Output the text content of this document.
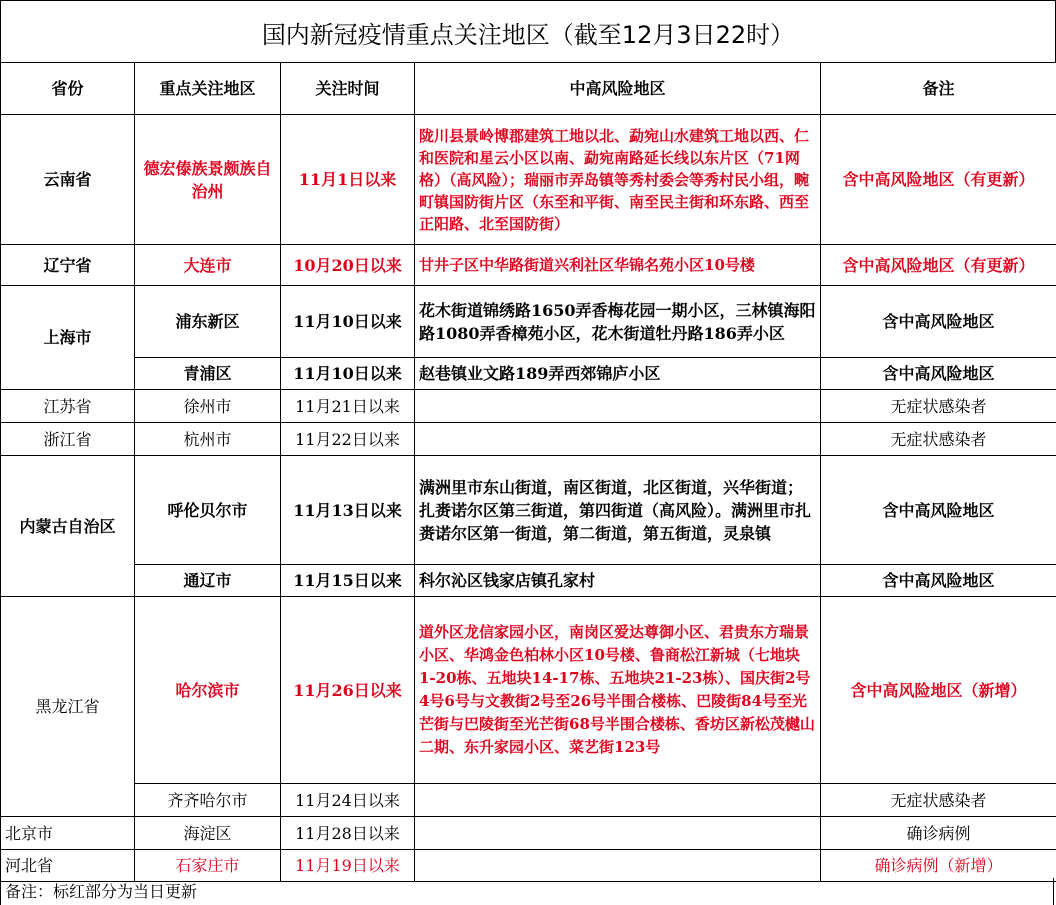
国内新冠疫情重点关注地区（截至12月3日22时）
省份	重点关注地区	关注时间	中高风险地区	备注
云南省	德宏傣族景颇族自治州	11月1日以来	陇川县景岭博郡建筑工地以北、勐宛山水建筑工地以西、仁和医院和星云小区以南、勐宛南路延长线以东片区（71网格）（高风险）；瑞丽市弄岛镇等秀村委会等秀村民小组，畹町镇国防街片区（东至和平街、南至民主街和环东路、西至正阳路、北至国防街）	含中高风险地区（有更新）
辽宁省	大连市	10月20日以来	甘井子区中华路街道兴利社区华锦名苑小区10号楼	含中高风险地区（有更新）
上海市	浦东新区	11月10日以来	花木街道锦绣路1650弄香梅花园一期小区，三林镇海阳路1080弄香樟苑小区，花木街道牡丹路186弄小区	含中高风险地区
	青浦区	11月10日以来	赵巷镇业文路189弄西郊锦庐小区	含中高风险地区
江苏省	徐州市	11月21日以来		无症状感染者
浙江省	杭州市	11月22日以来		无症状感染者
内蒙古自治区	呼伦贝尔市	11月13日以来	满洲里市东山街道，南区街道，北区街道，兴华街道；扎赉诺尔区第三街道，第四街道（高风险）。满洲里市扎赉诺尔区第一街道，第二街道，第五街道，灵泉镇	含中高风险地区
	通辽市	11月15日以来	科尔沁区钱家店镇孔家村	含中高风险地区
黑龙江省	哈尔滨市	11月26日以来	道外区龙信家园小区，南岗区爱达尊御小区、君贵东方瑞景小区、华鸿金色柏林小区10号楼、鲁商松江新城（七地块1-20栋、五地块14-17栋、五地块21-23栋）、国庆街2号4号6号与文教街2号至26号半围合楼栋、巴陵街84号至光芒街与巴陵街至光芒街68号半围合楼栋、香坊区新松茂樾山二期、东升家园小区、菜艺街123号	含中高风险地区（新增）
	齐齐哈尔市	11月24日以来		无症状感染者
北京市	海淀区	11月28日以来		确诊病例
河北省	石家庄市	11月19日以来		确诊病例（新增）
备注：标红部分为当日更新
